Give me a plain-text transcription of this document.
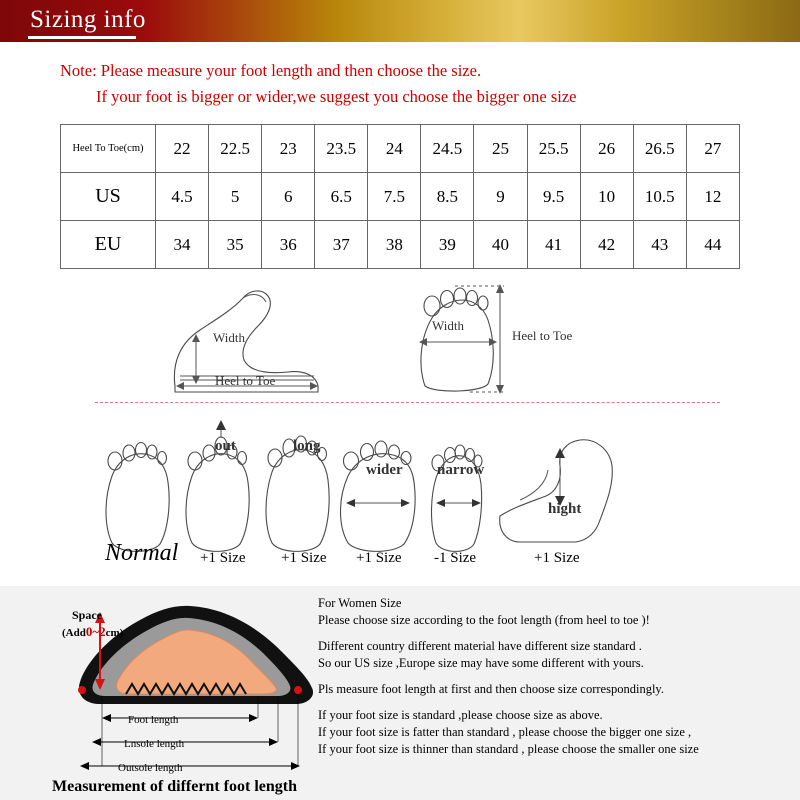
Sizing info
Note: Please measure your foot length and then choose the size.
If your foot is bigger or wider,we suggest you choose the bigger one size
Heel To Toe(cm)	22	22.5	23	23.5	24	24.5	25	25.5	26	26.5	27
US	4.5	5	6	6.5	7.5	8.5	9	9.5	10	10.5	12
EU	34	35	36	37	38	39	40	41	42	43	44
Width
Heel to Toe
Width
Heel to Toe
out	long
wider narrow
hight
Normal +1 Size +1 Size +1 Size -1 Size	+1 Size
Space
(Add0~2cm)
Foot length
Lnsole length
Outsole length
Measurement of differnt foot length

For Women Size

Please choose size according to the foot length (from heel to toe )!

Different country different material have different size standard .

So our US size ,Europe size may have some different with yours.

Pls measure foot length at first and then choose size correspondingly.

If your foot size is standard ,please choose size as above.

If your foot size is fatter than standard , please choose the bigger one size ,

If your foot size is thinner than standard , please choose the smaller one size
